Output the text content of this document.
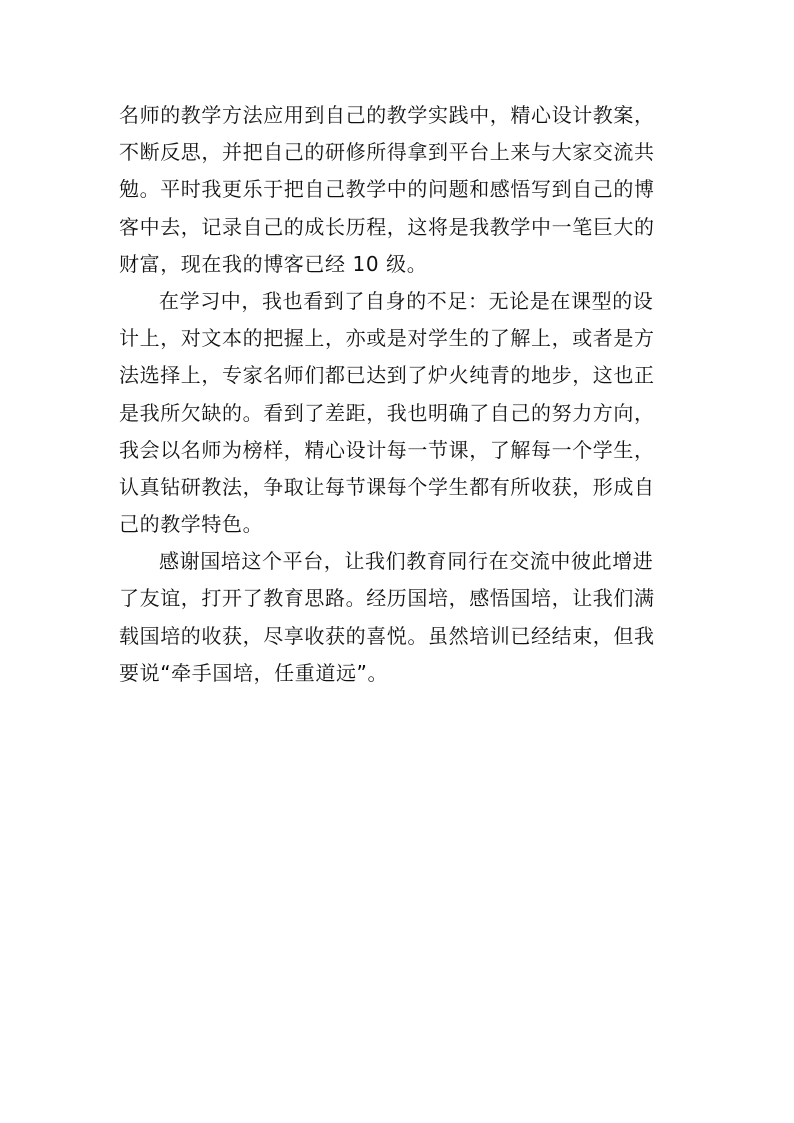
名师的教学方法应用到自己的教学实践中，精心设计教案，
不断反思，并把自己的研修所得拿到平台上来与大家交流共
勉。平时我更乐于把自己教学中的问题和感悟写到自己的博
客中去，记录自己的成长历程，这将是我教学中一笔巨大的
财富，现在我的博客已经 10 级。
在学习中，我也看到了自身的不足：无论是在课型的设
计上，对文本的把握上，亦或是对学生的了解上，或者是方
法选择上，专家名师们都已达到了炉火纯青的地步，这也正
是我所欠缺的。看到了差距，我也明确了自己的努力方向，
我会以名师为榜样，精心设计每一节课，了解每一个学生，
认真钻研教法，争取让每节课每个学生都有所收获，形成自
己的教学特色。
感谢国培这个平台，让我们教育同行在交流中彼此增进
了友谊，打开了教育思路。经历国培，感悟国培，让我们满
载国培的收获，尽享收获的喜悦。虽然培训已经结束，但我
要说“牵手国培，任重道远”。
